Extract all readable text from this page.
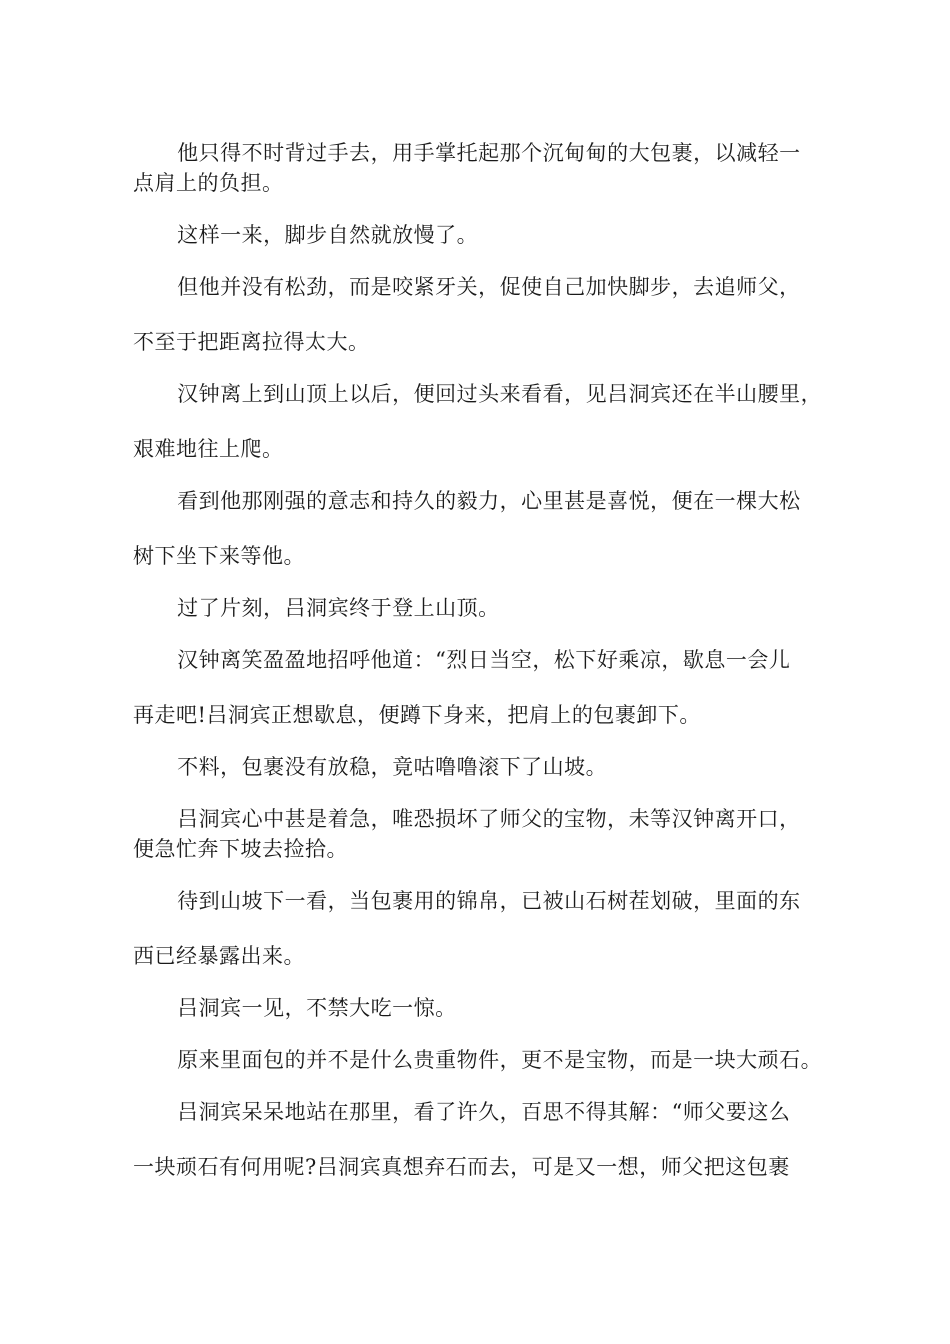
他只得不时背过手去，用手掌托起那个沉甸甸的大包裹，以减轻一
点肩上的负担。

这样一来，脚步自然就放慢了。

但他并没有松劲，而是咬紧牙关，促使自己加快脚步，去追师父，
不至于把距离拉得太大。

汉钟离上到山顶上以后，便回过头来看看，见吕洞宾还在半山腰里，
艰难地往上爬。

看到他那刚强的意志和持久的毅力，心里甚是喜悦，便在一棵大松
树下坐下来等他。

过了片刻，吕洞宾终于登上山顶。

汉钟离笑盈盈地招呼他道：“烈日当空，松下好乘凉，歇息一会儿
再走吧!吕洞宾正想歇息，便蹲下身来，把肩上的包裹卸下。

不料，包裹没有放稳，竟咕噜噜滚下了山坡。

吕洞宾心中甚是着急，唯恐损坏了师父的宝物，未等汉钟离开口，
便急忙奔下坡去捡拾。

待到山坡下一看，当包裹用的锦帛，已被山石树茬划破，里面的东
西已经暴露出来。

吕洞宾一见，不禁大吃一惊。

原来里面包的并不是什么贵重物件，更不是宝物，而是一块大顽石。

吕洞宾呆呆地站在那里，看了许久，百思不得其解：“师父要这么
一块顽石有何用呢?吕洞宾真想弃石而去，可是又一想，师父把这包裹
